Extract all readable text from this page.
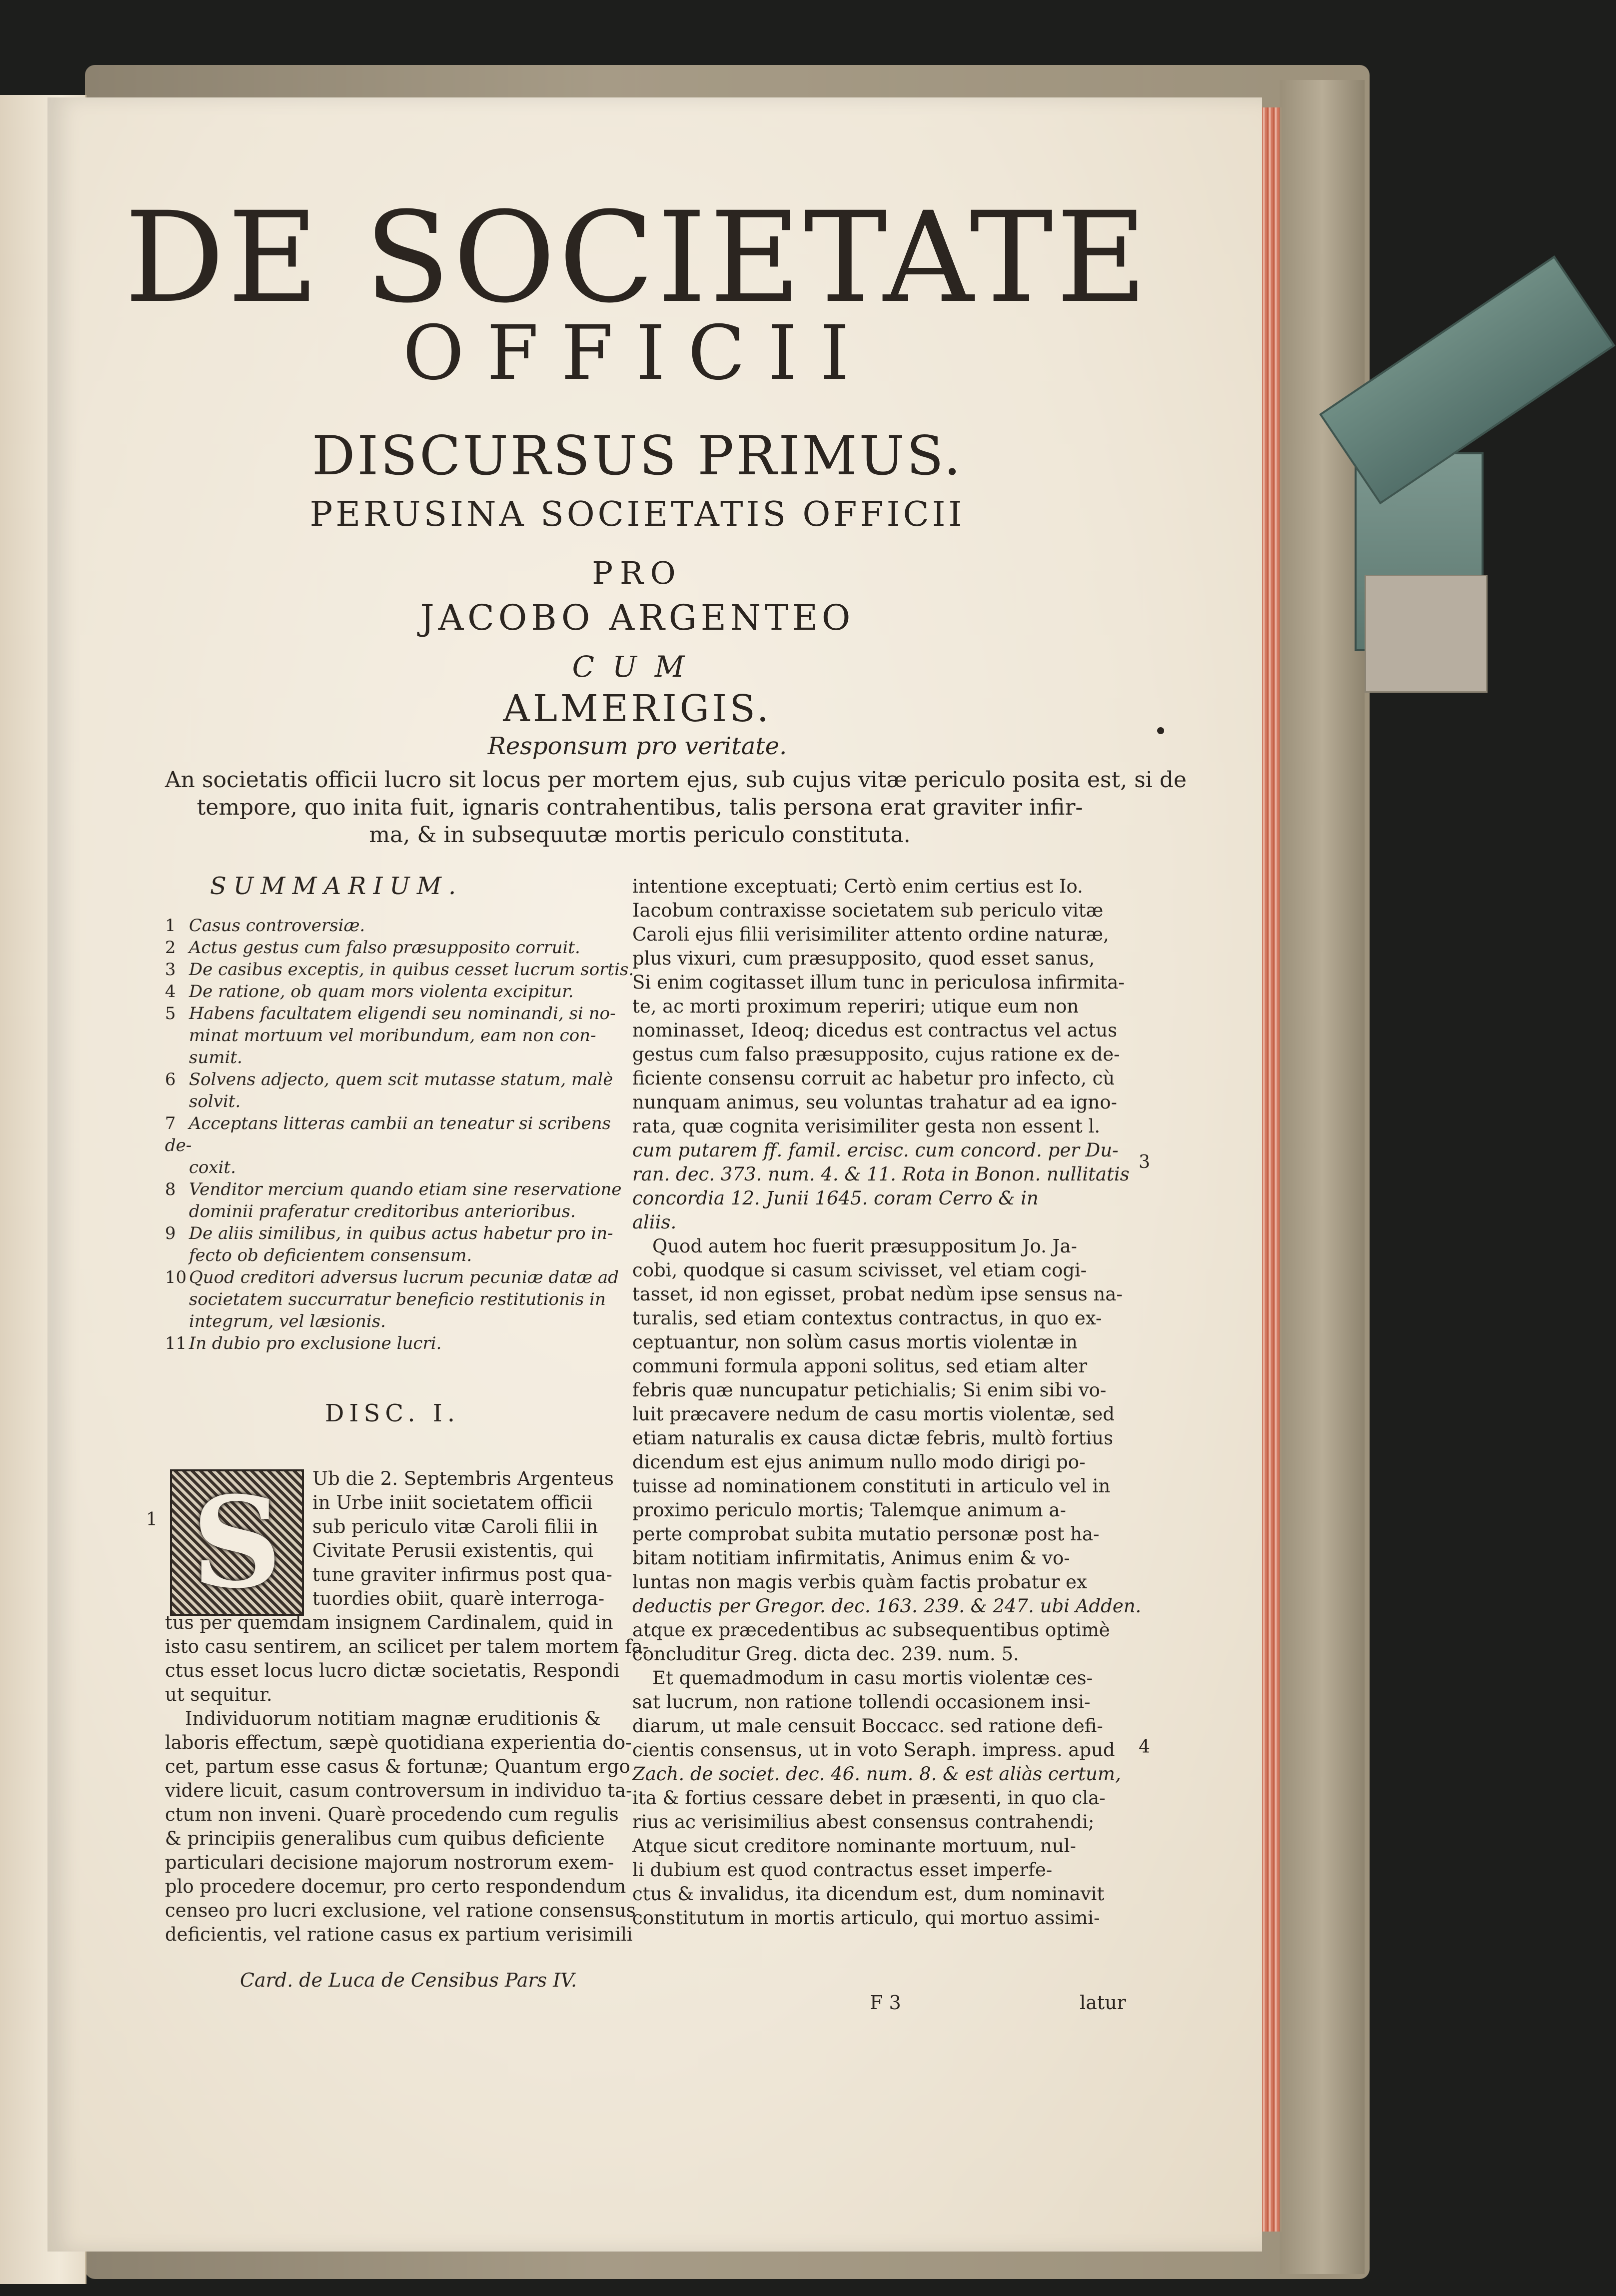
DE SOCIETATE
OFFICII
DISCURSUS PRIMUS.
PERUSINA SOCIETATIS OFFICII
PRO
JACOBO ARGENTEO
CUM
ALMERIGIS.
Responsum pro veritate.
An societatis officii lucro sit locus per mortem ejus, sub cujus vitæ periculo posita est, si de
tempore, quo inita fuit, ignaris contrahentibus, talis persona erat graviter infir-
ma, & in subsequutæ mortis periculo constituta.
SUMMARIUM.
1 Casus controversiæ.
2 Actus gestus cum falso præsupposito corruit.
3 De casibus exceptis, in quibus cesset lucrum sortis.
4 De ratione, ob quam mors violenta excipitur.
5 Habens facultatem eligendi seu nominandi, si no-
minat mortuum vel moribundum, eam non con-
sumit.
6 Solvens adjecto, quem scit mutasse statum, malè
solvit.
7 Acceptans litteras cambii an teneatur si scribens de-
coxit.
8 Venditor mercium quando etiam sine reservatione
dominii praferatur creditoribus anterioribus.
9 De aliis similibus, in quibus actus habetur pro in-
fecto ob deficientem consensum.
10 Quod creditori adversus lucrum pecuniæ datæ ad
societatem succurratur beneficio restitutionis in
integrum, vel læsionis.
11 In dubio pro exclusione lucri.
DISC. I.
1 S	Ub die 2. Septembris Argenteus

in Urbe iniit societatem officii

sub periculo vitæ Caroli filii in

Civitate Perusii existentis, qui

tune graviter infirmus post qua-

tuordies obiit, quarè interroga-

tus per quemdam insignem Cardinalem, quid in

isto casu sentirem, an scilicet per talem mortem fa-

ctus esset locus lucro dictæ societatis, Respondi

ut sequitur.

Individuorum notitiam magnæ eruditionis &

laboris effectum, sæpè quotidiana experientia do-

cet, partum esse casus & fortunæ; Quantum ergo

videre licuit, casum controversum in individuo ta-

ctum non inveni. Quarè procedendo cum regulis

& principiis generalibus cum quibus deficiente

particulari decisione majorum nostrorum exem-

plo procedere docemur, pro certo respondendum

censeo pro lucri exclusione, vel ratione consensus

deficientis, vel ratione casus ex partium verisimili

Card. de Luca de Censibus Pars IV.

intentione exceptuati; Certò enim certius est Io.

Iacobum contraxisse societatem sub periculo vitæ

Caroli ejus filii verisimiliter attento ordine naturæ,

plus vixuri, cum præsupposito, quod esset sanus,

Si enim cogitasset illum tunc in periculosa infirmita-

te, ac morti proximum reperiri; utique eum non

nominasset, Ideoq; dicedus est contractus vel actus

gestus cum falso præsupposito, cujus ratione ex de-

ficiente consensu corruit ac habetur pro infecto, cù

nunquam animus, seu voluntas trahatur ad ea igno-

rata, quæ cognita verisimiliter gesta non essent l.

cum putarem ff. famil. ercisc. cum concord. per Du-

ran. dec. 373. num. 4. & 11. Rota in Bonon. nullitatis

concordia 12. Junii 1645. coram Cerro & in

aliis.

Quod autem hoc fuerit præsuppositum Jo. Ja-

cobi, quodque si casum scivisset, vel etiam cogi-

tasset, id non egisset, probat nedùm ipse sensus na-

turalis, sed etiam contextus contractus, in quo ex-

ceptuantur, non solùm casus mortis violentæ in

communi formula apponi solitus, sed etiam alter

febris quæ nuncupatur petichialis; Si enim sibi vo-

luit præcavere nedum de casu mortis violentæ, sed

etiam naturalis ex causa dictæ febris, multò fortius

dicendum est ejus animum nullo modo dirigi po-

tuisse ad nominationem constituti in articulo vel in

proximo periculo mortis; Talemque animum a-

perte comprobat subita mutatio personæ post ha-

bitam notitiam infirmitatis, Animus enim & vo-

luntas non magis verbis quàm factis probatur ex

deductis per Gregor. dec. 163. 239. & 247. ubi Adden.

atque ex præcedentibus ac subsequentibus optimè

concluditur Greg. dicta dec. 239. num. 5.

Et quemadmodum in casu mortis violentæ ces-

sat lucrum, non ratione tollendi occasionem insi-

diarum, ut male censuit Boccacc. sed ratione defi-

cientis consensus, ut in voto Seraph. impress. apud

Zach. de societ. dec. 46. num. 8. & est aliàs certum,

ita & fortius cessare debet in præsenti, in quo cla-

rius ac verisimilius abest consensus contrahendi;

Atque sicut creditore nominante mortuum, nul-

li dubium est quod contractus esset imperfe-

ctus & invalidus, ita dicendum est, dum nominavit

constitutum in mortis articulo, qui mortuo assimi-

3
4
F 3	latur
